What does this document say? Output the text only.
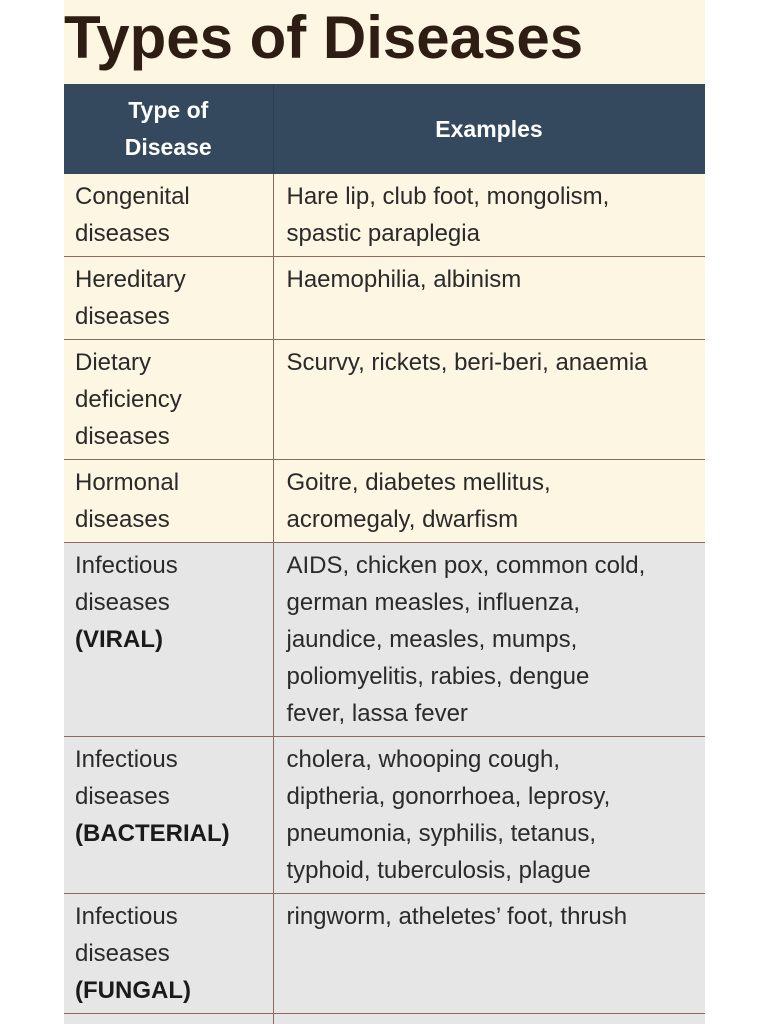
Types of Diseases
Type of
Disease	Examples

Congenital
diseases	Hare lip, club foot, mongolism,
spastic paraplegia

Hereditary
diseases	Haemophilia, albinism

Dietary
deficiency
diseases	Scurvy, rickets, beri-beri, anaemia

Hormonal
diseases	Goitre, diabetes mellitus,
acromegaly, dwarfism

Infectious
diseases
(VIRAL)	AIDS, chicken pox, common cold,
german measles, influenza,
jaundice, measles, mumps,
poliomyelitis, rabies, dengue
fever, lassa fever

Infectious
diseases
(BACTERIAL)	cholera, whooping cough,
diptheria, gonorrhoea, leprosy,
pneumonia, syphilis, tetanus,
typhoid, tuberculosis, plague

Infectious
diseases
(FUNGAL)	ringworm, atheletes’ foot, thrush
